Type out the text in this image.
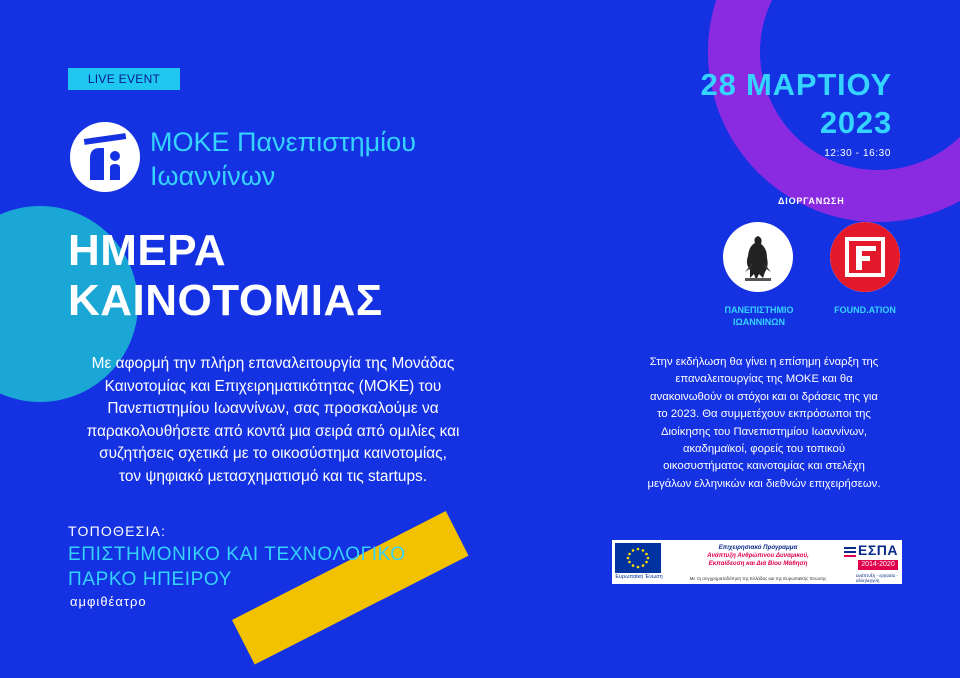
LIVE EVENT
ΜΟΚΕ Πανεπιστημίου
Ιωαννίνων
ΗΜΕΡΑ
ΚΑΙΝΟΤΟΜΙΑΣ
Με αφορμή την πλήρη επαναλειτουργία της Μονάδας
Καινοτομίας και Επιχειρηματικότητας (ΜΟΚΕ) του
Πανεπιστημίου Ιωαννίνων, σας προσκαλούμε να
παρακολουθήσετε από κοντά μια σειρά από ομιλίες και
συζητήσεις σχετικά με το οικοσύστημα καινοτομίας,
τον ψηφιακό μετασχηματισμό και τις startups.
ΤΟΠΟΘΕΣΙΑ:
ΕΠΙΣΤΗΜΟΝΙΚΟ ΚΑΙ ΤΕΧΝΟΛΟΓΙΚΟ
ΠΑΡΚΟ ΗΠΕΙΡΟΥ
αμφιθέατρο
28 ΜΑΡΤΙΟΥ
2023
12:30 - 16:30
ΔΙΟΡΓΑΝΩΣΗ
ΠΑΝΕΠΙΣΤΗΜΙΟ
ΙΩΑΝΝΙΝΩΝ
FOUND.ATION
Στην εκδήλωση θα γίνει η επίσημη έναρξη της
επαναλειτουργίας της ΜΟΚΕ και θα
ανακοινωθούν οι στόχοι και οι δράσεις της για
το 2023. Θα συμμετέχουν εκπρόσωποι της
Διοίκησης του Πανεπιστημίου Ιωαννίνων,
ακαδημαϊκοί, φορείς του τοπικού
οικοσυστήματος καινοτομίας και στελέχη
μεγάλων ελληνικών και διεθνών επιχειρήσεων.
Ευρωπαϊκή Ένωση
Επιχειρησιακό Πρόγραμμα
Ανάπτυξη Ανθρώπινου Δυναμικού,
Εκπαίδευση και Διά Βίου Μάθηση
Με τη συγχρηματοδότηση της Ελλάδας και της Ευρωπαϊκής Ένωσης
ΕΣΠΑ
2014-2020
ανάπτυξη - εργασία - αλληλεγγύη
